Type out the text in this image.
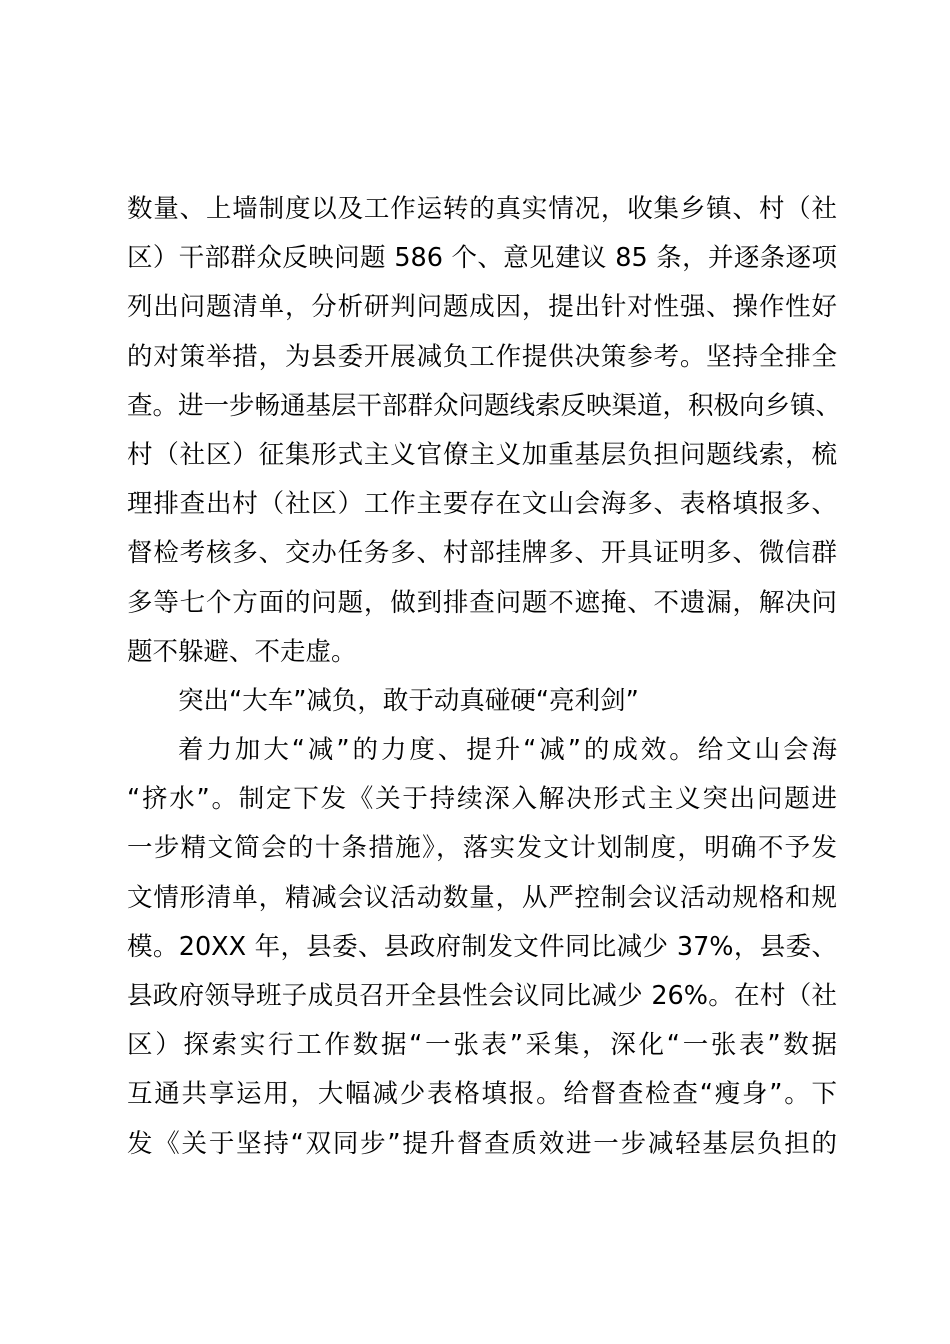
数量、上墙制度以及工作运转的真实情况，收集乡镇、村（社
区）干部群众反映问题 586 个、意见建议 85 条，并逐条逐项
列出问题清单，分析研判问题成因，提出针对性强、操作性好
的对策举措，为县委开展减负工作提供决策参考。坚持全排全
查。进一步畅通基层干部群众问题线索反映渠道，积极向乡镇、
村（社区）征集形式主义官僚主义加重基层负担问题线索，梳
理排查出村（社区）工作主要存在文山会海多、表格填报多、
督检考核多、交办任务多、村部挂牌多、开具证明多、微信群
多等七个方面的问题，做到排查问题不遮掩、不遗漏，解决问
题不躲避、不走虚。
突出“大车”减负，敢于动真碰硬“亮利剑”
着力加大“减”的力度、提升“减”的成效。给文山会海
“挤水”。制定下发《关于持续深入解决形式主义突出问题进
一步精文简会的十条措施》，落实发文计划制度，明确不予发
文情形清单，精减会议活动数量，从严控制会议活动规格和规
模。20XX 年，县委、县政府制发文件同比减少 37%，县委、
县政府领导班子成员召开全县性会议同比减少 26%。在村（社
区）探索实行工作数据“一张表”采集，深化“一张表”数据
互通共享运用，大幅减少表格填报。给督查检查“瘦身”。下
发《关于坚持“双同步”提升督查质效进一步减轻基层负担的
